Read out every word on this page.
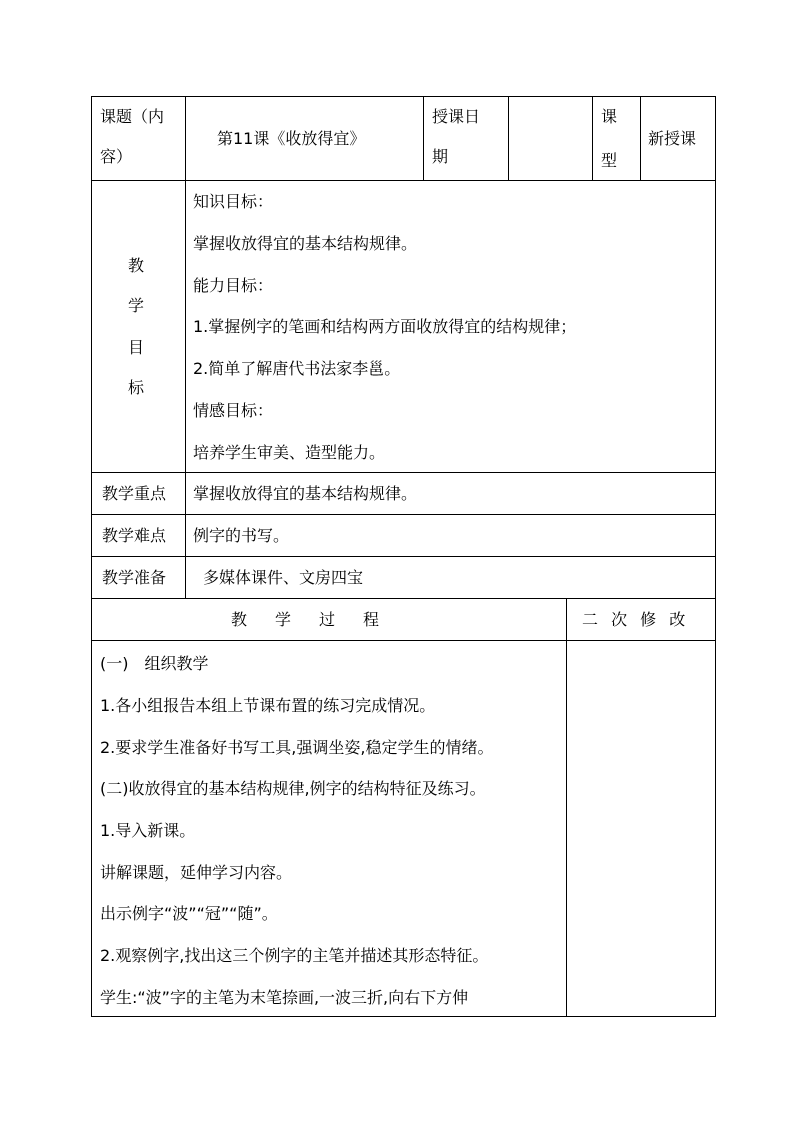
课题（内
容）
第11课《收放得宜》
授课日
期
课
型
新授课
教
学
目
标
知识目标：
掌握收放得宜的基本结构规律。
能力目标：
1.掌握例字的笔画和结构两方面收放得宜的结构规律；
2.简单了解唐代书法家李邕。
情感目标：
培养学生审美、造型能力。
教学重点 掌握收放得宜的基本结构规律。
教学难点 例字的书写。
教学准备 多媒体课件、文房四宝
教　学　过　程	二 次 修 改
(一)　组织教学
1.各小组报告本组上节课布置的练习完成情况。
2.要求学生准备好书写工具,强调坐姿,稳定学生的情绪。
(二)收放得宜的基本结构规律,例字的结构特征及练习。
1.导入新课。
讲解课题，延伸学习内容。
出示例字“波”“冠”“随”。
2.观察例字,找出这三个例字的主笔并描述其形态特征。
学生:“波”字的主笔为末笔捺画,一波三折,向右下方伸
